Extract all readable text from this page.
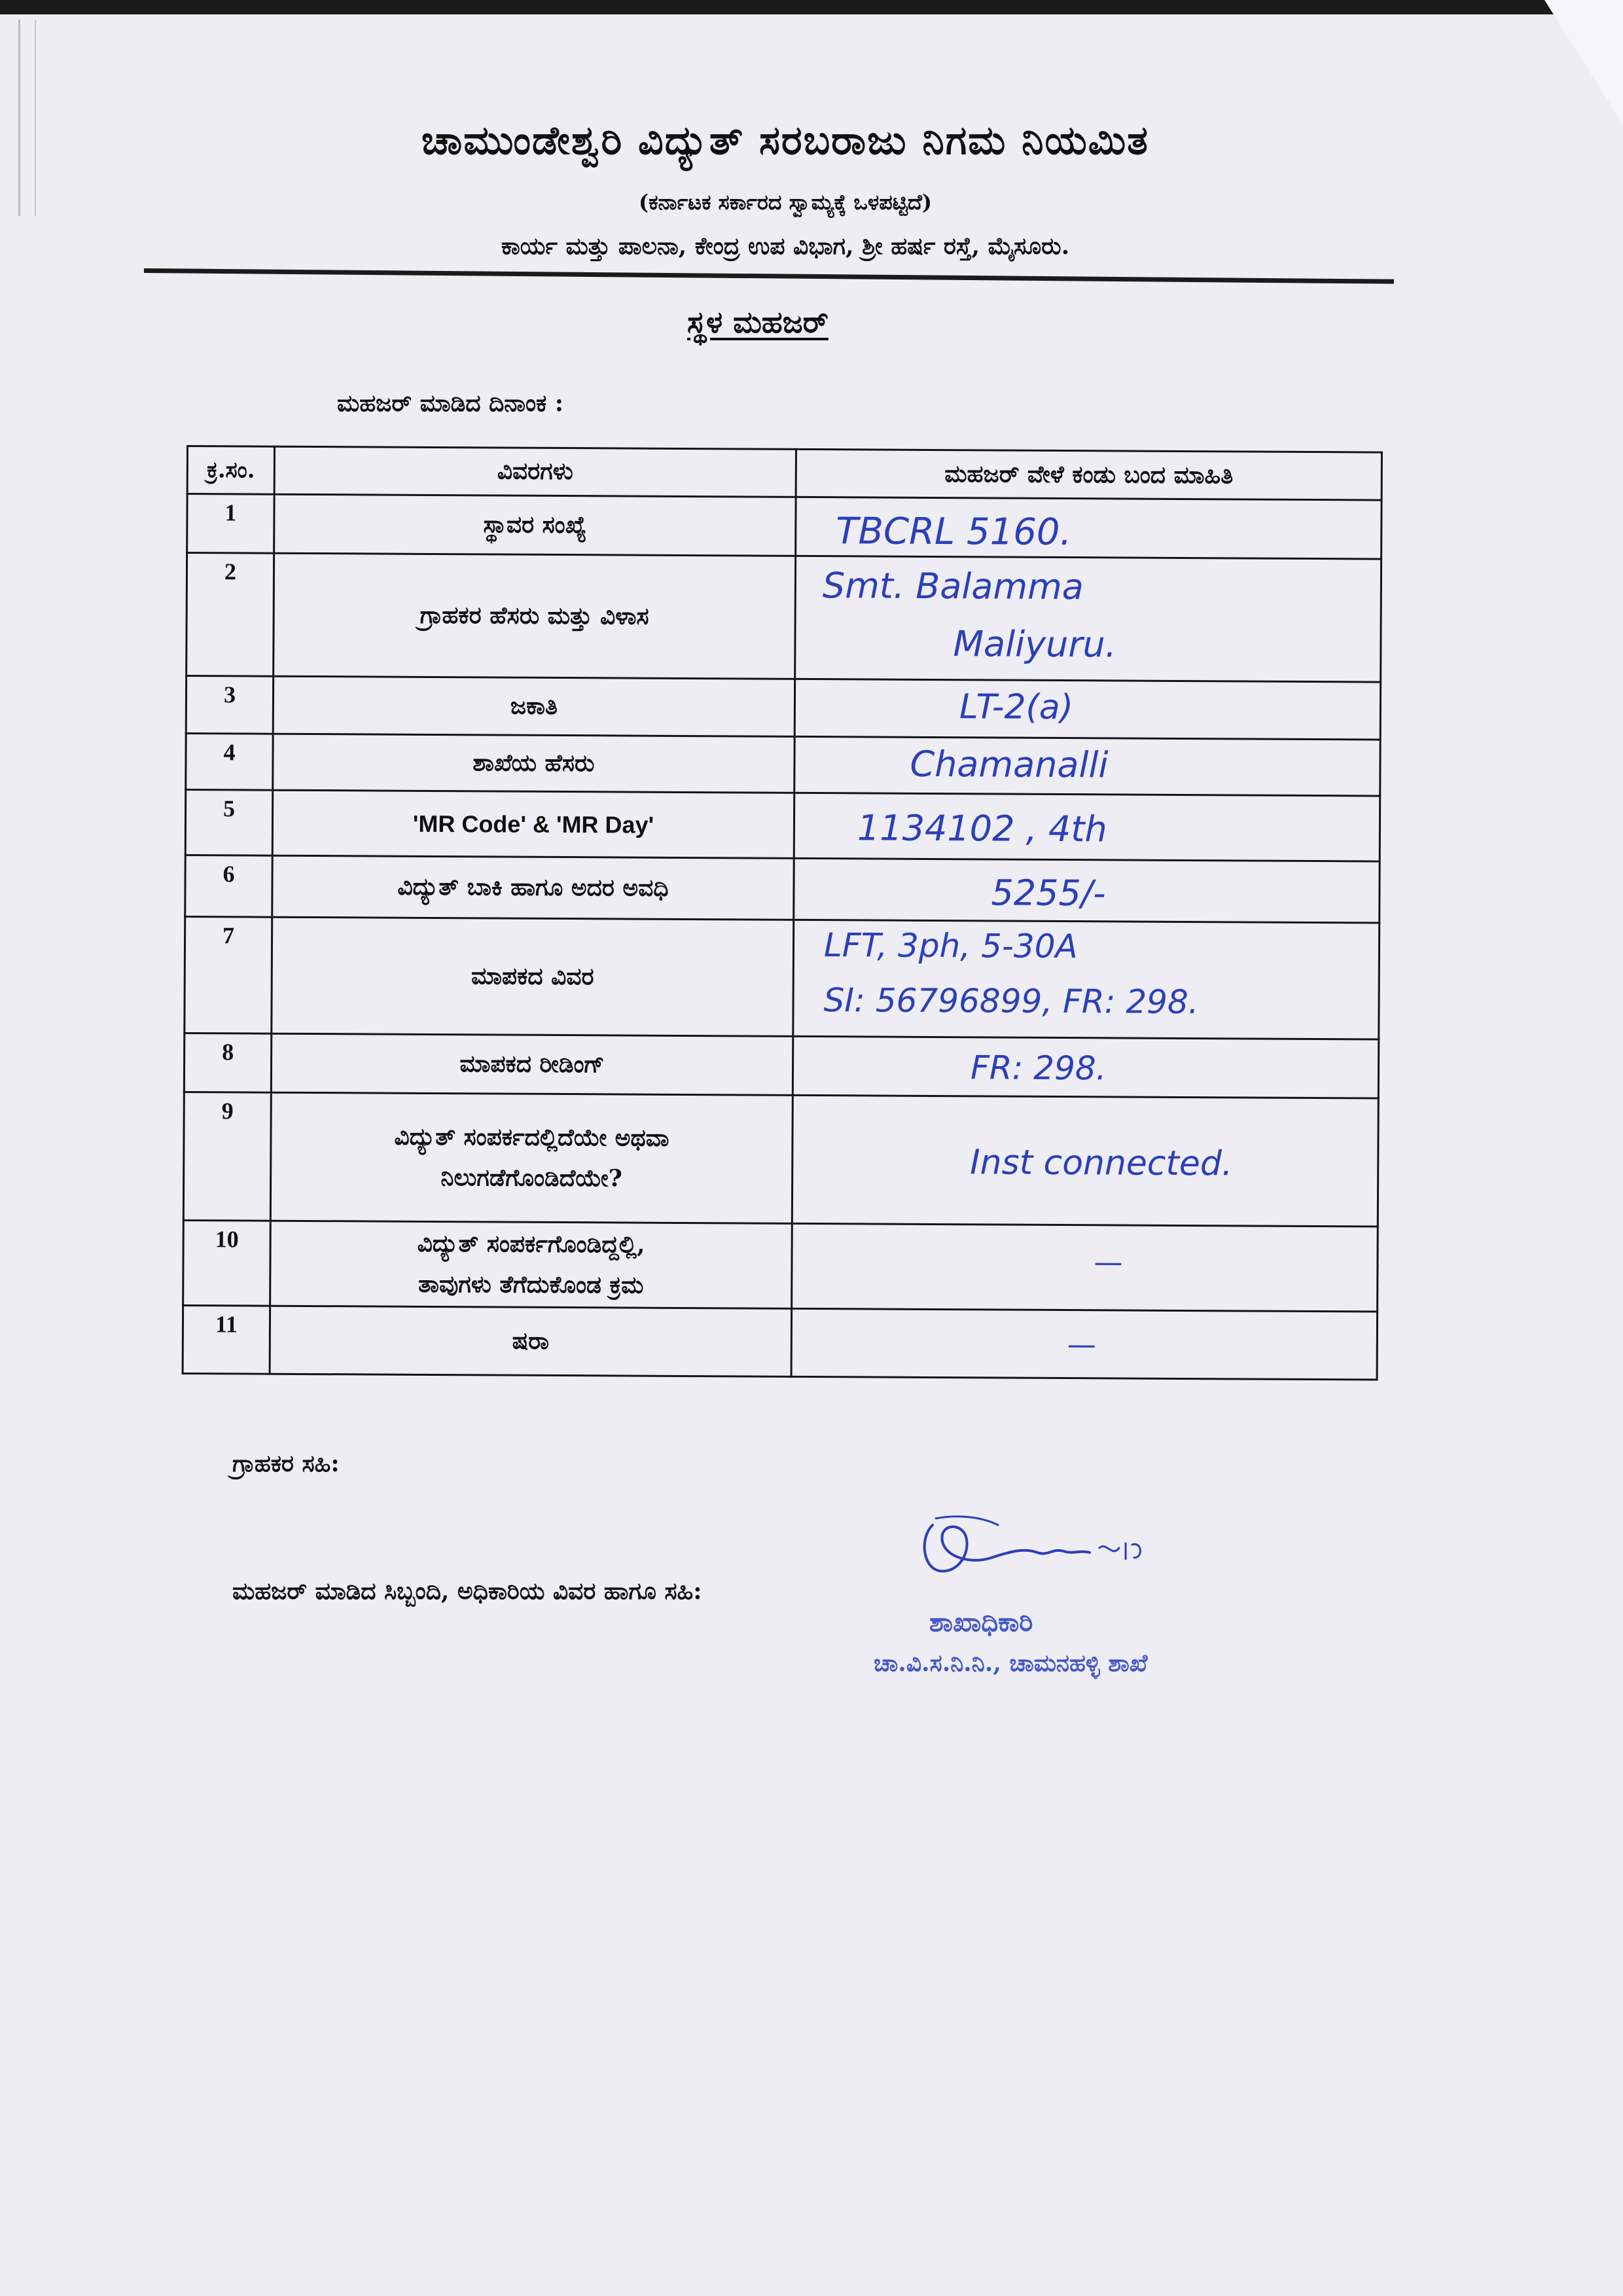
ಚಾಮುಂಡೇಶ್ವರಿ ವಿದ್ಯುತ್ ಸರಬರಾಜು ನಿಗಮ ನಿಯಮಿತ
(ಕರ್ನಾಟಕ ಸರ್ಕಾರದ ಸ್ವಾಮ್ಯಕ್ಕೆ ಒಳಪಟ್ಟಿದೆ)
ಕಾರ್ಯ ಮತ್ತು ಪಾಲನಾ, ಕೇಂದ್ರ ಉಪ ವಿಭಾಗ, ಶ್ರೀ ಹರ್ಷ ರಸ್ತೆ, ಮೈಸೂರು.
ಸ್ಥಳ ಮಹಜರ್
ಮಹಜರ್ ಮಾಡಿದ ದಿನಾಂಕ :
ಕ್ರ.ಸಂ.	ವಿವರಗಳು	ಮಹಜರ್ ವೇಳೆ ಕಂಡು ಬಂದ ಮಾಹಿತಿ
1	ಸ್ಥಾವರ ಸಂಖ್ಯೆ	TBCRL 5160.

2	ಗ್ರಾಹಕರ ಹೆಸರು ಮತ್ತು ವಿಳಾಸ	Smt. Balamma
Maliyuru.

3	ಜಕಾತಿ	LT-2(a)

4	ಶಾಖೆಯ ಹೆಸರು	Chamanalli

5	'MR Code' & 'MR Day'	1134102 , 4th

6	ವಿದ್ಯುತ್ ಬಾಕಿ ಹಾಗೂ ಅದರ ಅವಧಿ	5255/-

7	ಮಾಪಕದ ವಿವರ	LFT, 3ph, 5-30A
SI: 56796899, FR: 298.

8	ಮಾಪಕದ ರೀಡಿಂಗ್	FR: 298.

9	ವಿದ್ಯುತ್ ಸಂಪರ್ಕದಲ್ಲಿದೆಯೇ ಅಥವಾ
ನಿಲುಗಡೆಗೊಂಡಿದೆಯೇ?	Inst connected.

10	ವಿದ್ಯುತ್ ಸಂಪರ್ಕಗೊಂಡಿದ್ದಲ್ಲಿ,
ತಾವುಗಳು ತೆಗೆದುಕೊಂಡ ಕ್ರಮ	—

11	ಷರಾ	—
ಗ್ರಾಹಕರ ಸಹಿ:
ಮಹಜರ್ ಮಾಡಿದ ಸಿಬ್ಬಂದಿ, ಅಧಿಕಾರಿಯ ವಿವರ ಹಾಗೂ ಸಹಿ:
ಶಾಖಾಧಿಕಾರಿ
ಚಾ.ವಿ.ಸ.ನಿ.ನಿ., ಚಾಮನಹಳ್ಳಿ ಶಾಖೆ
